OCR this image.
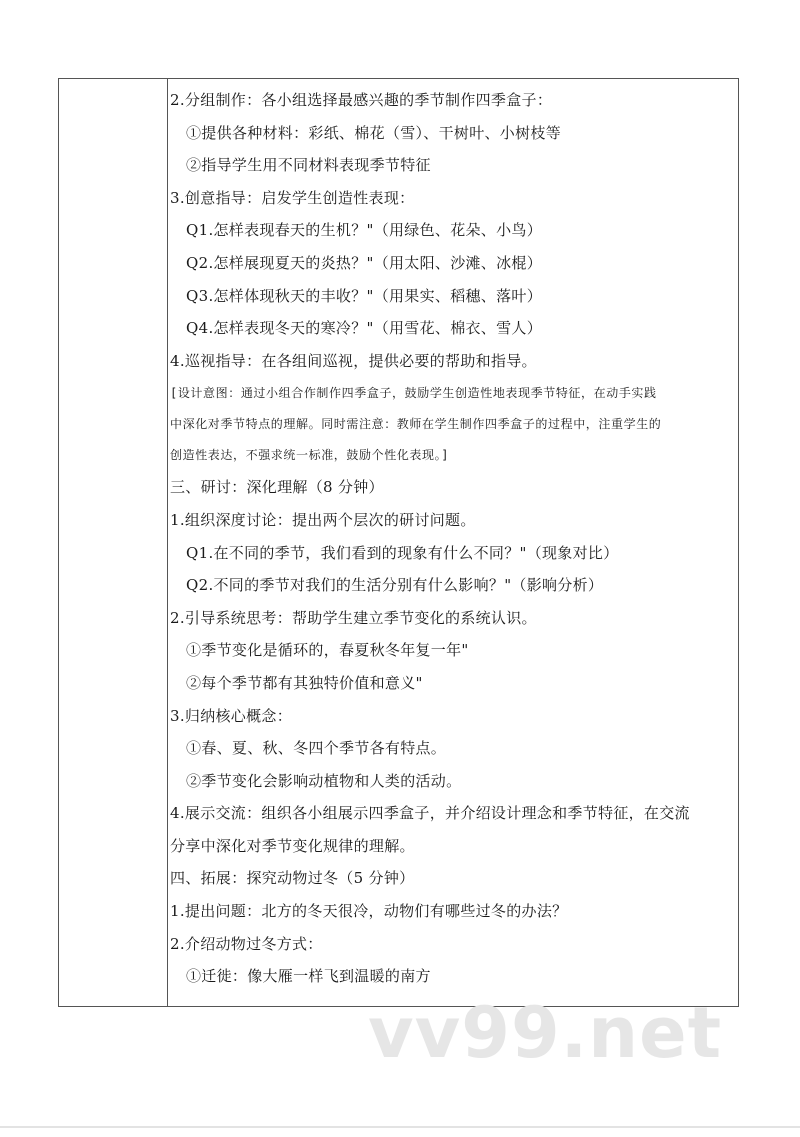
2.分组制作：各小组选择最感兴趣的季节制作四季盒子：
①提供各种材料：彩纸、棉花（雪）、干树叶、小树枝等
②指导学生用不同材料表现季节特征
3.创意指导：启发学生创造性表现：
Q1.怎样表现春天的生机？"（用绿色、花朵、小鸟）
Q2.怎样展现夏天的炎热？"（用太阳、沙滩、冰棍）
Q3.怎样体现秋天的丰收？"（用果实、稻穗、落叶）
Q4.怎样表现冬天的寒冷？"（用雪花、棉衣、雪人）
4.巡视指导：在各组间巡视，提供必要的帮助和指导。
[设计意图：通过小组合作制作四季盒子，鼓励学生创造性地表现季节特征，在动手实践
中深化对季节特点的理解。同时需注意：教师在学生制作四季盒子的过程中，注重学生的
创造性表达，不强求统一标准，鼓励个性化表现。]
三、研讨：深化理解（8 分钟）
1.组织深度讨论：提出两个层次的研讨问题。
Q1.在不同的季节，我们看到的现象有什么不同？"（现象对比）
Q2.不同的季节对我们的生活分别有什么影响？"（影响分析）
2.引导系统思考：帮助学生建立季节变化的系统认识。
①季节变化是循环的，春夏秋冬年复一年"
②每个季节都有其独特价值和意义"
3.归纳核心概念：
①春、夏、秋、冬四个季节各有特点。
②季节变化会影响动植物和人类的活动。
4.展示交流：组织各小组展示四季盒子，并介绍设计理念和季节特征，在交流
分享中深化对季节变化规律的理解。
四、拓展：探究动物过冬（5 分钟）
1.提出问题：北方的冬天很冷，动物们有哪些过冬的办法？
2.介绍动物过冬方式：
①迁徙：像大雁一样飞到温暖的南方
vv99.net
